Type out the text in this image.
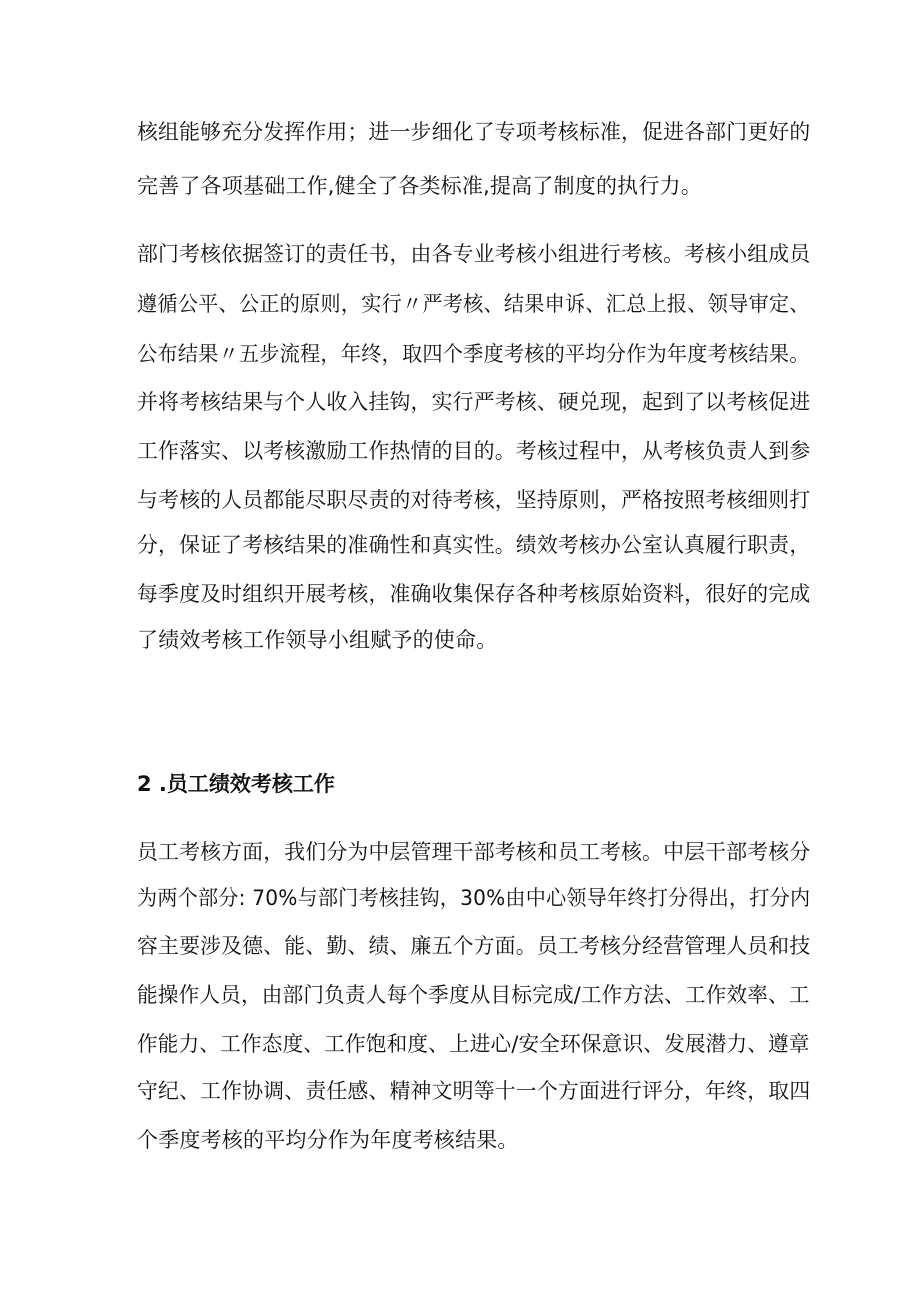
核组能够充分发挥作用；进一步细化了专项考核标准，促进各部门更好的
完善了各项基础工作,健全了各类标准,提高了制度的执行力。
部门考核依据签订的责任书，由各专业考核小组进行考核。考核小组成员
遵循公平、公正的原则，实行〃严考核、结果申诉、汇总上报、领导审定、
公布结果〃五步流程，年终，取四个季度考核的平均分作为年度考核结果。
并将考核结果与个人收入挂钩，实行严考核、硬兑现，起到了以考核促进
工作落实、以考核激励工作热情的目的。考核过程中，从考核负责人到参
与考核的人员都能尽职尽责的对待考核，坚持原则，严格按照考核细则打
分，保证了考核结果的准确性和真实性。绩效考核办公室认真履行职责，
每季度及时组织开展考核，准确收集保存各种考核原始资料，很好的完成
了绩效考核工作领导小组赋予的使命。
2 .员工绩效考核工作
员工考核方面，我们分为中层管理干部考核和员工考核。中层干部考核分
为两个部分: 70%与部门考核挂钩，30%由中心领导年终打分得出，打分内
容主要涉及德、能、勤、绩、廉五个方面。员工考核分经营管理人员和技
能操作人员，由部门负责人每个季度从目标完成/工作方法、工作效率、工
作能力、工作态度、工作饱和度、上进心/安全环保意识、发展潜力、遵章
守纪、工作协调、责任感、精神文明等十一个方面进行评分，年终，取四
个季度考核的平均分作为年度考核结果。
